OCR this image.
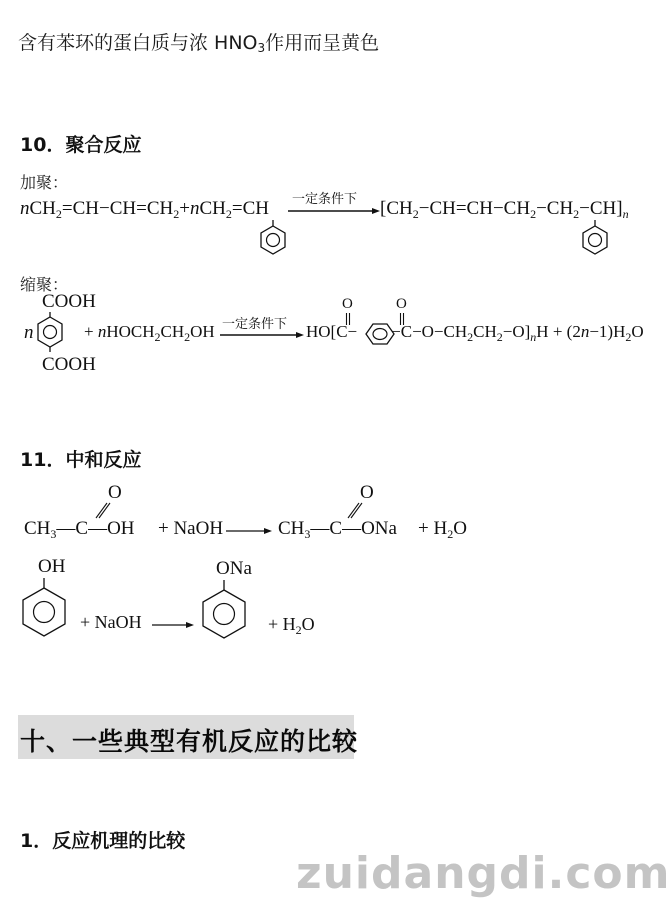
含有苯环的蛋白质与浓 $HNO_3$作用而呈黄色
10．聚合反应
加聚：
$nCH_2=CH-CH=CH_2+nCH_2=CH$ 一定条件下 $[CH_2-CH=CH-CH_2-CH_2-CH]_n$
缩聚：
COOH
n
COOH
+ $nHOCH_2CH_2OH$ 一定条件下 HO[C−  $-C-O-CH_2CH_2-O]_nH + (2n-1)H_2O$
O	O
11．中和反应
O
$CH_3—C—OH$ + NaOH →
O
$CH_3—C—ONa + H_2O$
OH
+ NaOH →
ONa
+ $H_2O$
十、一些典型有机反应的比较
1．反应机理的比较
zuidangdi.com
